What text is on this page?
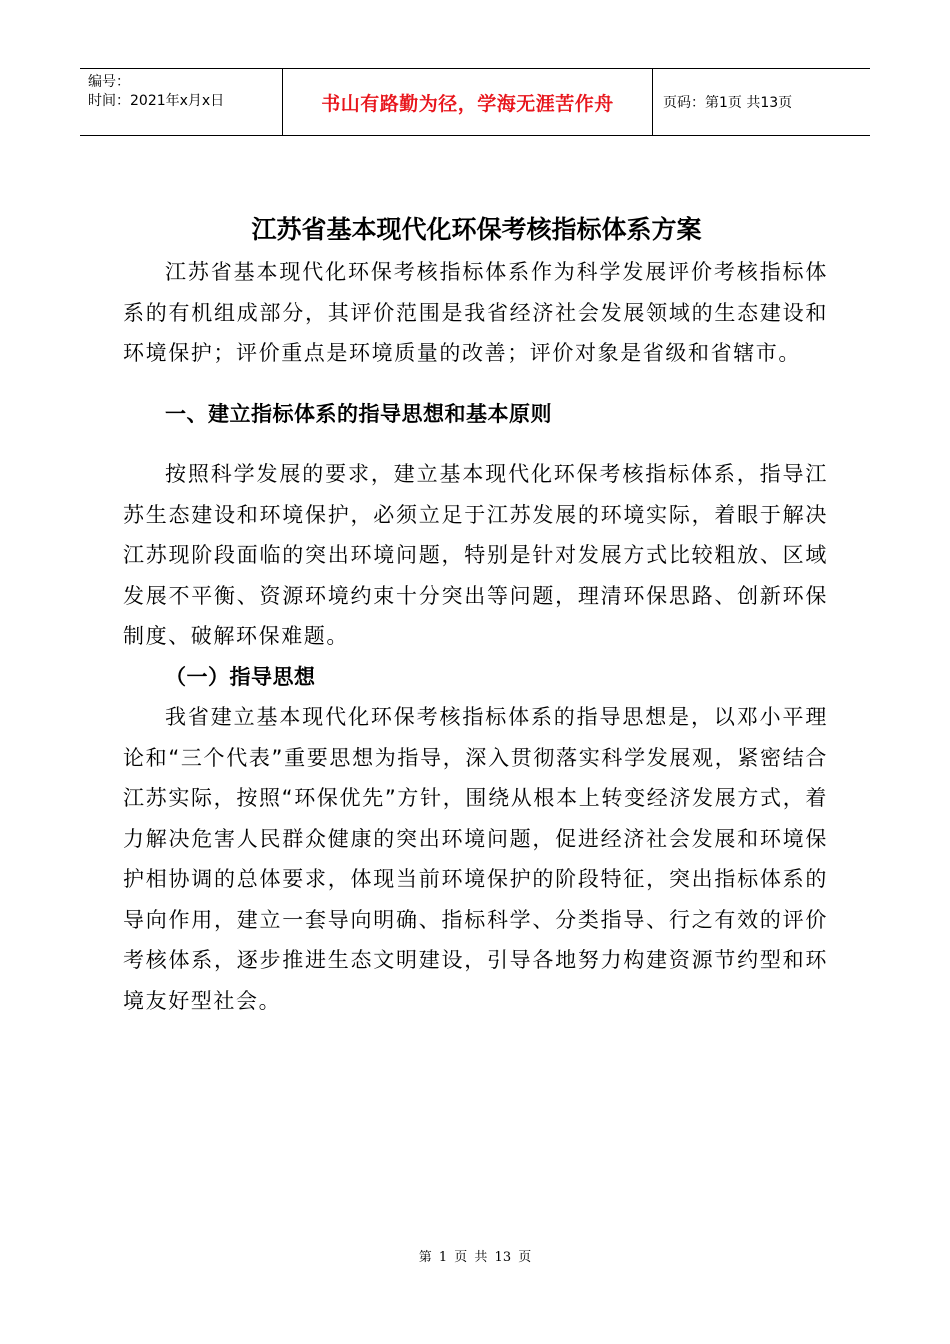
编号：
时间：2021年x月x日	书山有路勤为径，学海无涯苦作舟	页码：第1页 共13页
江苏省基本现代化环保考核指标体系方案

江苏省基本现代化环保考核指标体系作为科学发展评价考核指标体系的有机组成部分，其评价范围是我省经济社会发展领域的生态建设和环境保护；评价重点是环境质量的改善；评价对象是省级和省辖市。

一、建立指标体系的指导思想和基本原则

按照科学发展的要求，建立基本现代化环保考核指标体系，指导江苏生态建设和环境保护，必须立足于江苏发展的环境实际，着眼于解决江苏现阶段面临的突出环境问题，特别是针对发展方式比较粗放、区域发展不平衡、资源环境约束十分突出等问题，理清环保思路、创新环保制度、破解环保难题。

（一）指导思想

我省建立基本现代化环保考核指标体系的指导思想是，以邓小平理论和“三个代表”重要思想为指导，深入贯彻落实科学发展观，紧密结合江苏实际，按照“环保优先”方针，围绕从根本上转变经济发展方式，着力解决危害人民群众健康的突出环境问题，促进经济社会发展和环境保护相协调的总体要求，体现当前环境保护的阶段特征，突出指标体系的导向作用，建立一套导向明确、指标科学、分类指导、行之有效的评价考核体系，逐步推进生态文明建设，引导各地努力构建资源节约型和环境友好型社会。

第 1 页 共 13 页
